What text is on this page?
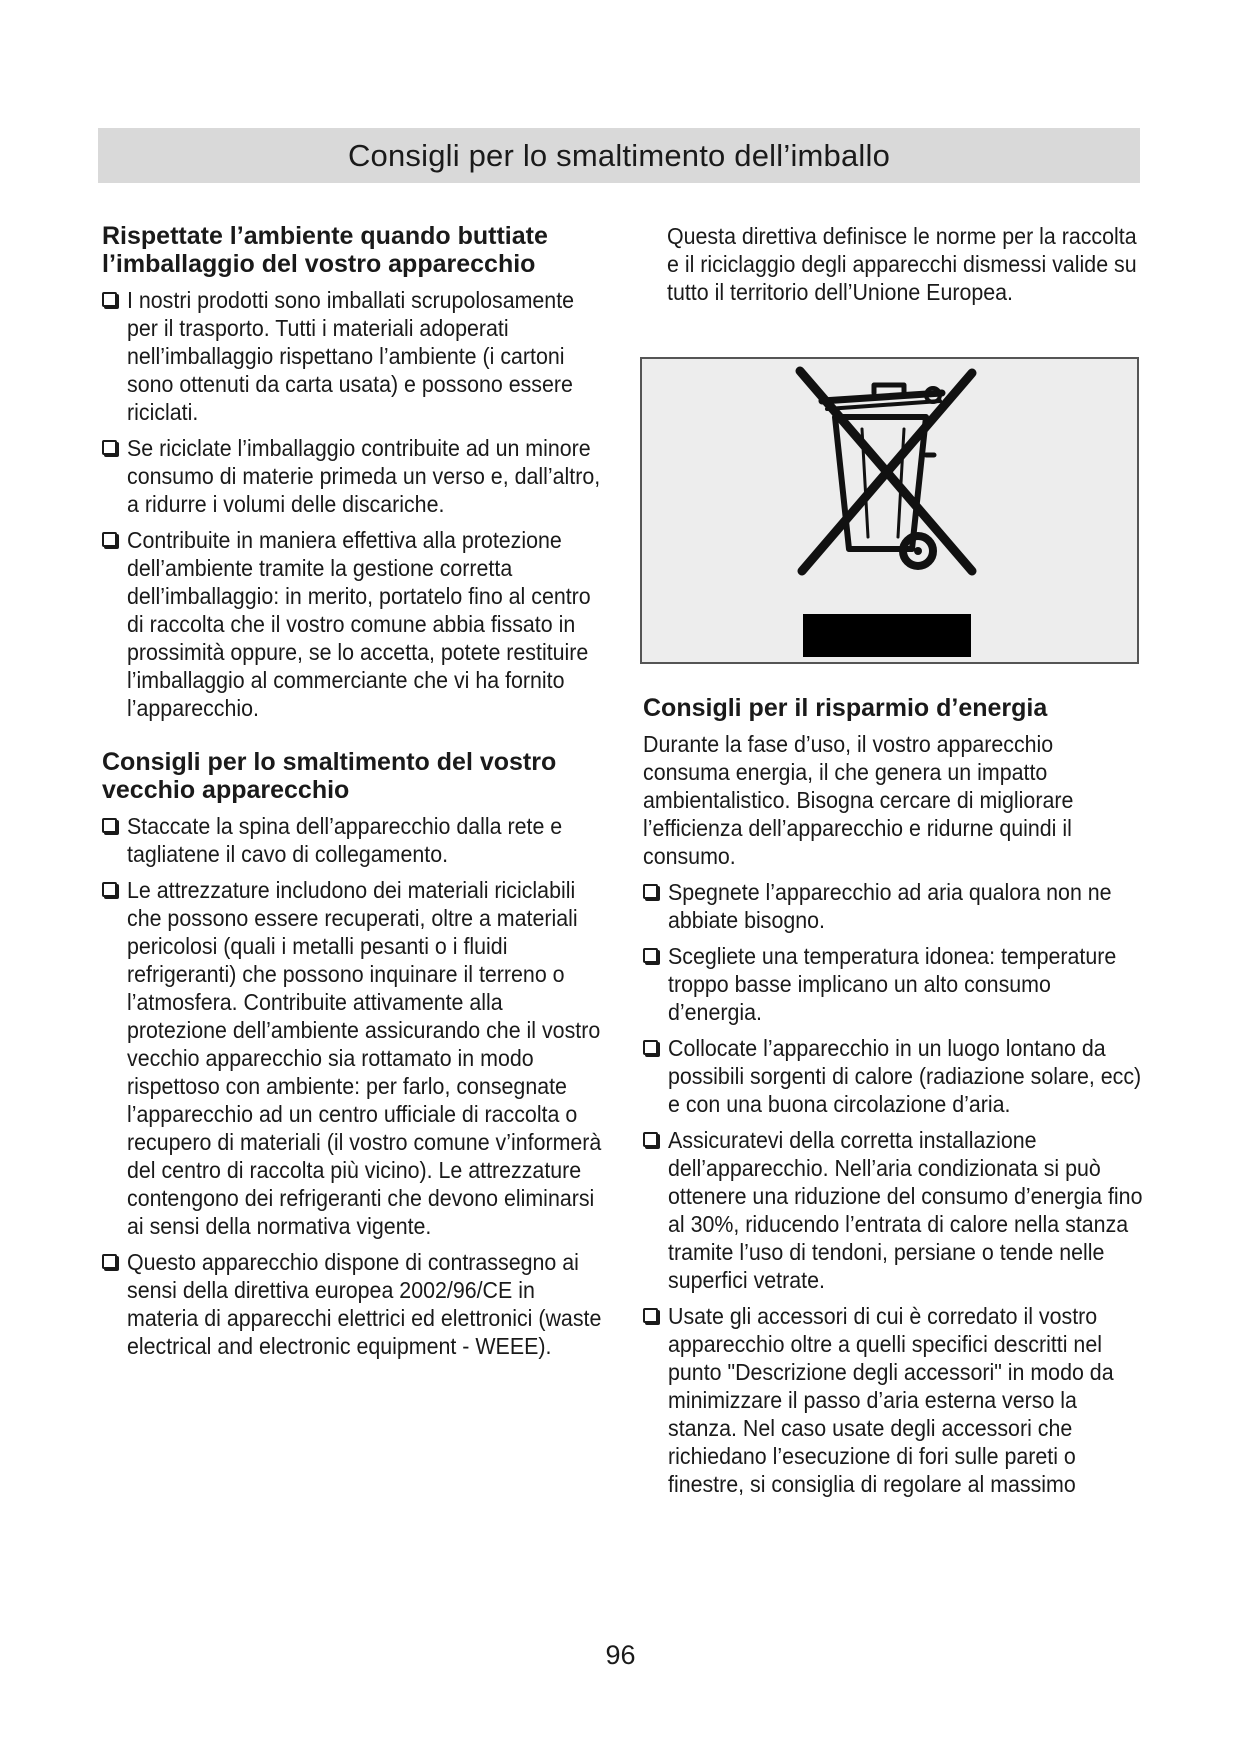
Consigli per lo smaltimento dell’imballo
Rispettate l’ambiente quando buttiate l’imballaggio del vostro apparecchio
I nostri prodotti sono imballati scrupolosamente per il trasporto. Tutti i materiali adoperati nell’imballaggio rispettano l’ambiente (i cartoni sono ottenuti da carta usata) e possono essere riciclati.
Se riciclate l’imballaggio contribuite ad un minore consumo di materie primeda un verso e, dall’altro, a ridurre i volumi delle discariche.
Contribuite in maniera effettiva alla protezione dell’ambiente tramite la gestione corretta dell’imballaggio: in merito, portatelo fino al centro di raccolta che il vostro comune abbia fissato in prossimità oppure, se lo accetta, potete restituire l’imballaggio al commerciante che vi ha fornito l’apparecchio.
Consigli per lo smaltimento del vostro vecchio apparecchio
Staccate la spina dell’apparecchio dalla rete e tagliatene il cavo di collegamento.
Le attrezzature includono dei materiali riciclabili che possono essere recuperati, oltre a materiali pericolosi (quali i metalli pesanti o i fluidi refrigeranti) che possono inquinare il terreno o l’atmosfera. Contribuite attivamente alla protezione dell’ambiente assicurando che il vostro vecchio apparecchio sia rottamato in modo rispettoso con ambiente: per farlo, consegnate l’apparecchio ad un centro ufficiale di raccolta o recupero di materiali (il vostro comune v’informerà del centro di raccolta più vicino). Le attrezzature contengono dei refrigeranti che devono eliminarsi ai sensi della normativa vigente.
Questo apparecchio dispone di contrassegno ai sensi della direttiva europea 2002/96/CE in materia di apparecchi elettrici ed elettronici (waste electrical and electronic equipment - WEEE).

Questa direttiva definisce le norme per la raccolta e il riciclaggio degli apparecchi dismessi valide su tutto il territorio dell’Unione Europea.

Consigli per il risparmio d’energia

Durante la fase d’uso, il vostro apparecchio consuma energia, il che genera un impatto ambientalistico. Bisogna cercare di migliorare l’efficienza dell’apparecchio e ridurne quindi il consumo.

Spegnete l’apparecchio ad aria qualora non ne abbiate bisogno.
Scegliete una temperatura idonea: temperature troppo basse implicano un alto consumo d’energia.
Collocate l’apparecchio in un luogo lontano da possibili sorgenti di calore (radiazione solare, ecc) e con una buona circolazione d’aria.
Assicuratevi della corretta installazione dell’apparecchio. Nell’aria condizionata si può ottenere una riduzione del consumo d’energia fino al 30%, riducendo l’entrata di calore nella stanza tramite l’uso di tendoni, persiane o tende nelle superfici vetrate.
Usate gli accessori di cui è corredato il vostro apparecchio oltre a quelli specifici descritti nel punto "Descrizione degli accessori" in modo da minimizzare il passo d’aria esterna verso la stanza. Nel caso usate degli accessori che richiedano l’esecuzione di fori sulle pareti o finestre, si consiglia di regolare al massimo
96
